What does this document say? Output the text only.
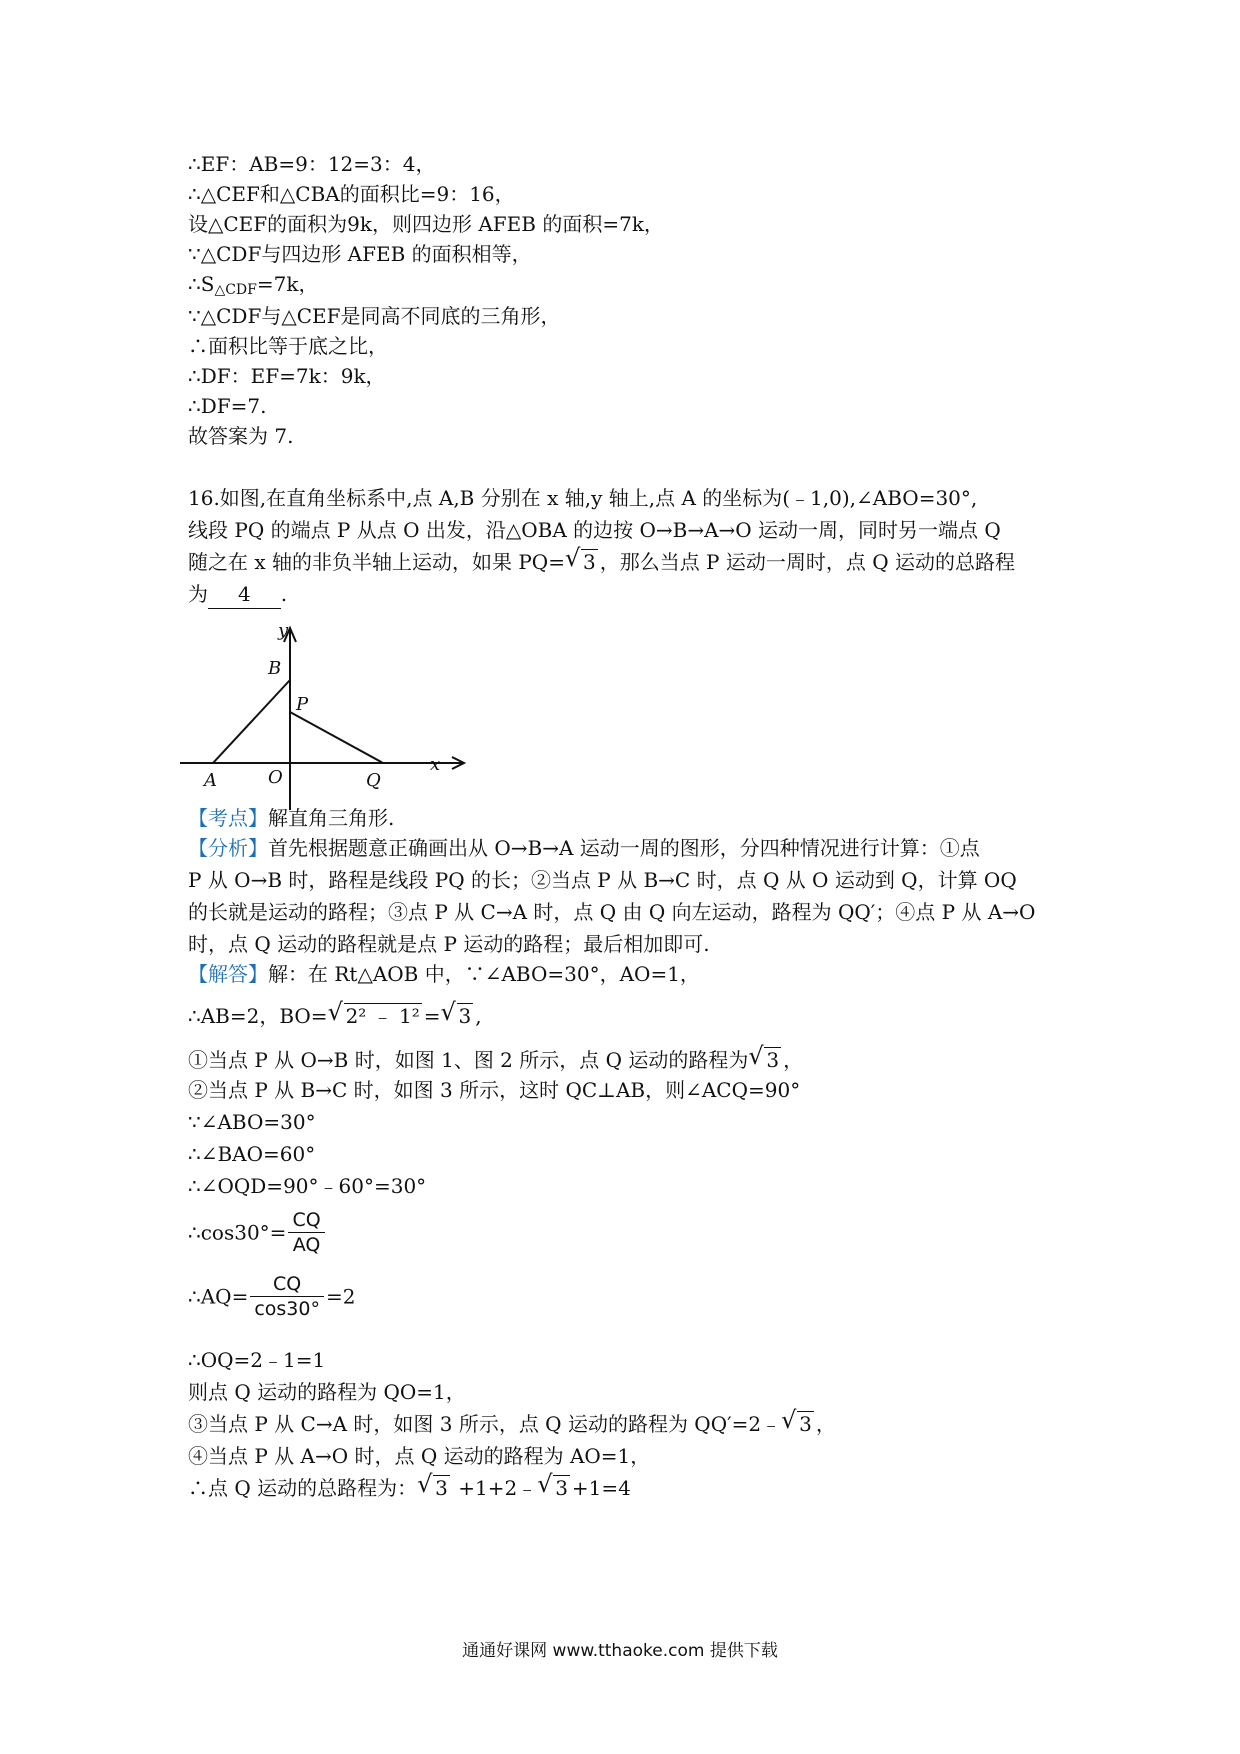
∴EF：AB=9：12=3：4，
∴△CEF和△CBA的面积比=9：16，
设△CEF的面积为9k，则四边形 AFEB 的面积=7k，
∵△CDF与四边形 AFEB 的面积相等，
$\therefore S_{\triangle CDF}=7k$，
∵△CDF与△CEF是同高不同底的三角形，
∴面积比等于底之比，
∴DF：EF=7k：9k，
∴DF=7.
故答案为 7.
16.如图,在直角坐标系中,点 A,B 分别在 x 轴,y 轴上,点 A 的坐标为(﹣1,0),∠ABO=30°,
线段 PQ 的端点 P 从点 O 出发，沿△OBA 的边按 O→B→A→O 运动一周，同时另一端点 Q
随之在 x 轴的非负半轴上运动，如果 PQ= √ 3 ，那么当点 P 运动一周时，点 Q 运动的总路程
为 4 .
y
x
B
P
A	O	Q
【考点】解直角三角形.
【分析】首先根据题意正确画出从 O→B→A 运动一周的图形，分四种情况进行计算：①点
P 从 O→B 时，路程是线段 PQ 的长；②当点 P 从 B→C 时，点 Q 从 O 运动到 Q，计算 OQ
的长就是运动的路程；③点 P 从 C→A 时，点 Q 由 Q 向左运动，路程为 QQ′；④点 P 从 A→O
时，点 Q 运动的路程就是点 P 运动的路程；最后相加即可.
【解答】解：在 Rt△AOB 中，∵∠ABO=30°，AO=1，
∴AB=2，BO= √ 2² ﹣ 1² = √ 3 ,
①当点 P 从 O→B 时，如图 1、图 2 所示，点 Q 运动的路程为 √ 3 ，
②当点 P 从 B→C 时，如图 3 所示，这时 QC⊥AB，则∠ACQ=90°
∵∠ABO=30°
∴∠BAO=60°
∴∠OQD=90°﹣60°=30°
∴cos30°= $\frac{CQ}{AQ}$
∴AQ= $\frac{CQ}{\cos 30^\circ} =2$
∴OQ=2﹣1=1
则点 Q 运动的路程为 QO=1，
③当点 P 从 C→A 时，如图 3 所示，点 Q 运动的路程为 QQ′=2﹣ √ 3 ，
④当点 P 从 A→O 时，点 Q 运动的路程为 AO=1，
∴点 Q 运动的总路程为： √ 3 +1+2﹣ √ 3 +1=4
通通好课网 www.tthaoke.com 提供下载
